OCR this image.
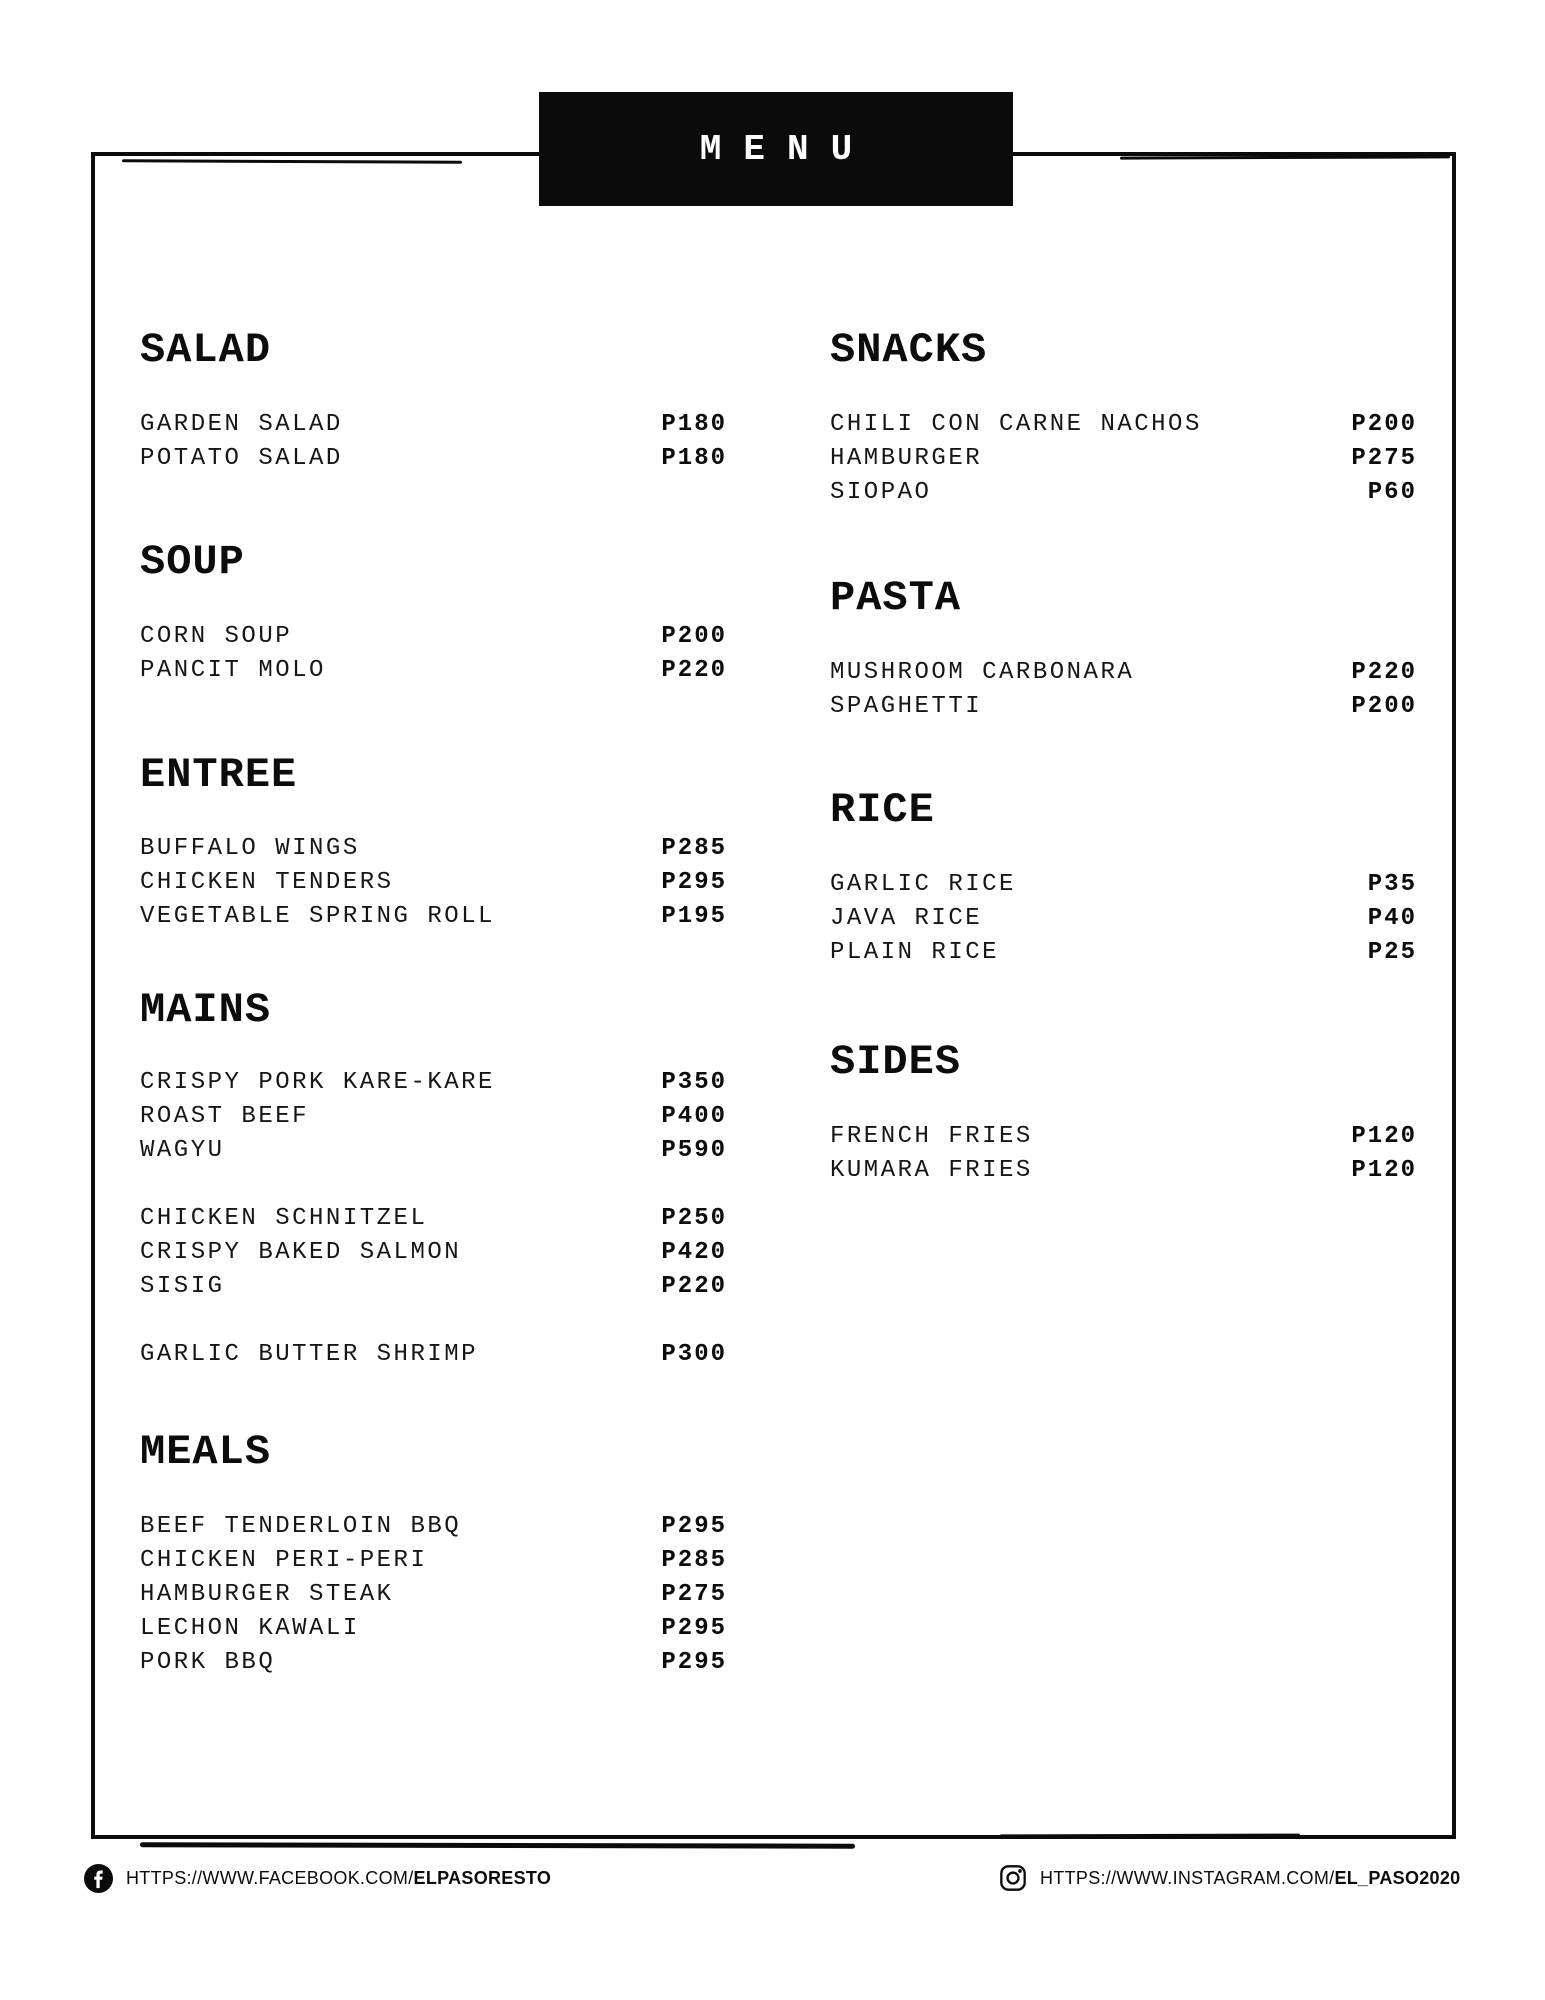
MENU
SALAD
GARDEN SALAD	P180
POTATO SALAD	P180
SOUP
CORN SOUP	P200
PANCIT MOLO	P220
ENTREE
BUFFALO WINGS	P285
CHICKEN TENDERS	P295
VEGETABLE SPRING ROLL	P195
MAINS
CRISPY PORK KARE-KARE	P350
ROAST BEEF	P400
WAGYU	P590
CHICKEN SCHNITZEL	P250
CRISPY BAKED SALMON	P420
SISIG	P220
GARLIC BUTTER SHRIMP	P300
MEALS
BEEF TENDERLOIN BBQ	P295
CHICKEN PERI-PERI	P285
HAMBURGER STEAK	P275
LECHON KAWALI	P295
PORK BBQ	P295
SNACKS
CHILI CON CARNE NACHOS	P200
HAMBURGER	P275
SIOPAO	P60
PASTA
MUSHROOM CARBONARA	P220
SPAGHETTI	P200
RICE
GARLIC RICE	P35
JAVA RICE	P40
PLAIN RICE	P25
SIDES
FRENCH FRIES	P120
KUMARA FRIES	P120
HTTPS://WWW.FACEBOOK.COM/ELPASORESTO	HTTPS://WWW.INSTAGRAM.COM/EL_PASO2020
